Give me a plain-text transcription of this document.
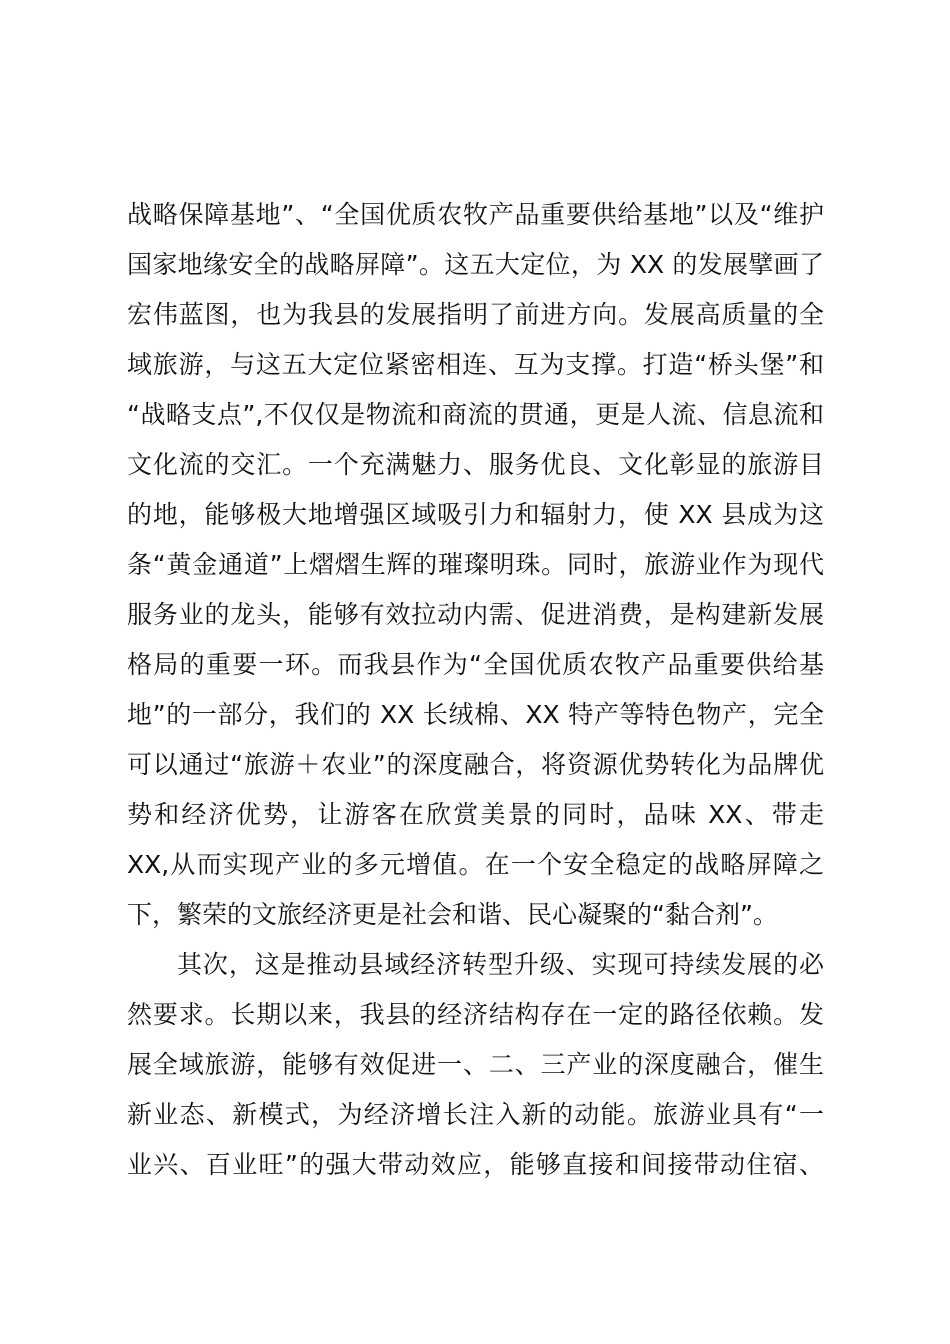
战略保障基地”、“全国优质农牧产品重要供给基地”以及“维护
国家地缘安全的战略屏障”。这五大定位，为 XX 的发展擘画了
宏伟蓝图，也为我县的发展指明了前进方向。发展高质量的全
域旅游，与这五大定位紧密相连、互为支撑。打造“桥头堡”和
“战略支点”,不仅仅是物流和商流的贯通，更是人流、信息流和
文化流的交汇。一个充满魅力、服务优良、文化彰显的旅游目
的地，能够极大地增强区域吸引力和辐射力，使 XX 县成为这
条“黄金通道”上熠熠生辉的璀璨明珠。同时，旅游业作为现代
服务业的龙头，能够有效拉动内需、促进消费，是构建新发展
格局的重要一环。而我县作为“全国优质农牧产品重要供给基
地”的一部分，我们的 XX 长绒棉、XX 特产等特色物产，完全
可以通过“旅游＋农业”的深度融合，将资源优势转化为品牌优
势和经济优势，让游客在欣赏美景的同时，品味 XX、带走
XX,从而实现产业的多元增值。在一个安全稳定的战略屏障之
下，繁荣的文旅经济更是社会和谐、民心凝聚的“黏合剂”。
其次，这是推动县域经济转型升级、实现可持续发展的必
然要求。长期以来，我县的经济结构存在一定的路径依赖。发
展全域旅游，能够有效促进一、二、三产业的深度融合，催生
新业态、新模式，为经济增长注入新的动能。旅游业具有“一
业兴、百业旺”的强大带动效应，能够直接和间接带动住宿、
